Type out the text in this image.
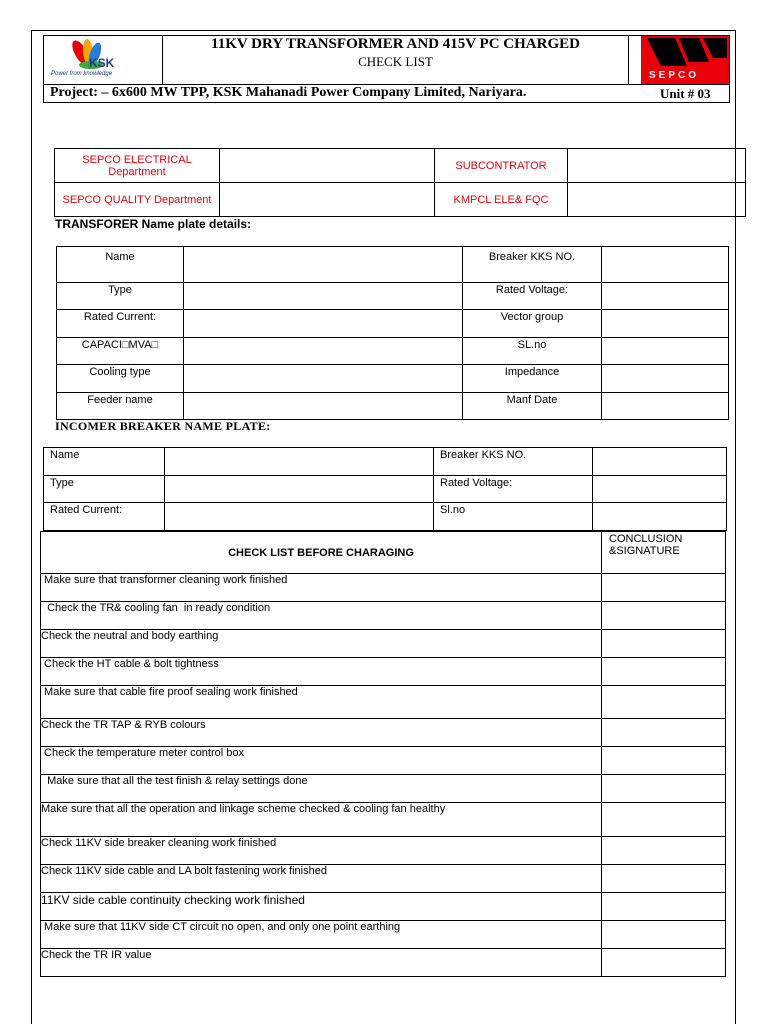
KSK
Power from knowledge
11KV DRY TRANSFORMER AND 415V PC CHARGED
CHECK LIST
SEPCO
Project: – 6x600 MW TPP, KSK Mahanadi Power Company Limited, Nariyara.	Unit # 03
SEPCO ELECTRICAL Department		SUBCONTRATOR	
SEPCO QUALITY Department		KMPCL ELE& FQC	
TRANSFORER Name plate details:
Name		Breaker KKS NO.	
Type		Rated Voltage:	
Rated Current:		Vector group	
CAPACI□MVA□		SL.no	
Cooling type		Impedance	
Feeder name		Manf Date	
INCOMER BREAKER NAME PLATE:
Name		Breaker KKS NO.	
Type		Rated Voltage:	
Rated Current:		Sl.no	
CHECK LIST BEFORE CHARAGING	CONCLUSION &SIGNATURE
Make sure that transformer cleaning work finished	
Check the TR& cooling fan  in ready condition	
Check the neutral and body earthing	
Check the HT cable & bolt tightness	
Make sure that cable fire proof sealing work finished	
Check the TR TAP & RYB colours	
Check the temperature meter control box	
Make sure that all the test finish & relay settings done	
Make sure that all the operation and linkage scheme checked & cooling fan healthy	
Check 11KV side breaker cleaning work finished	
Check 11KV side cable and LA bolt fastening work finished	
11KV side cable continuity checking work finished	
Make sure that 11KV side CT circuit no open, and only one point earthing	
Check the TR IR value	
